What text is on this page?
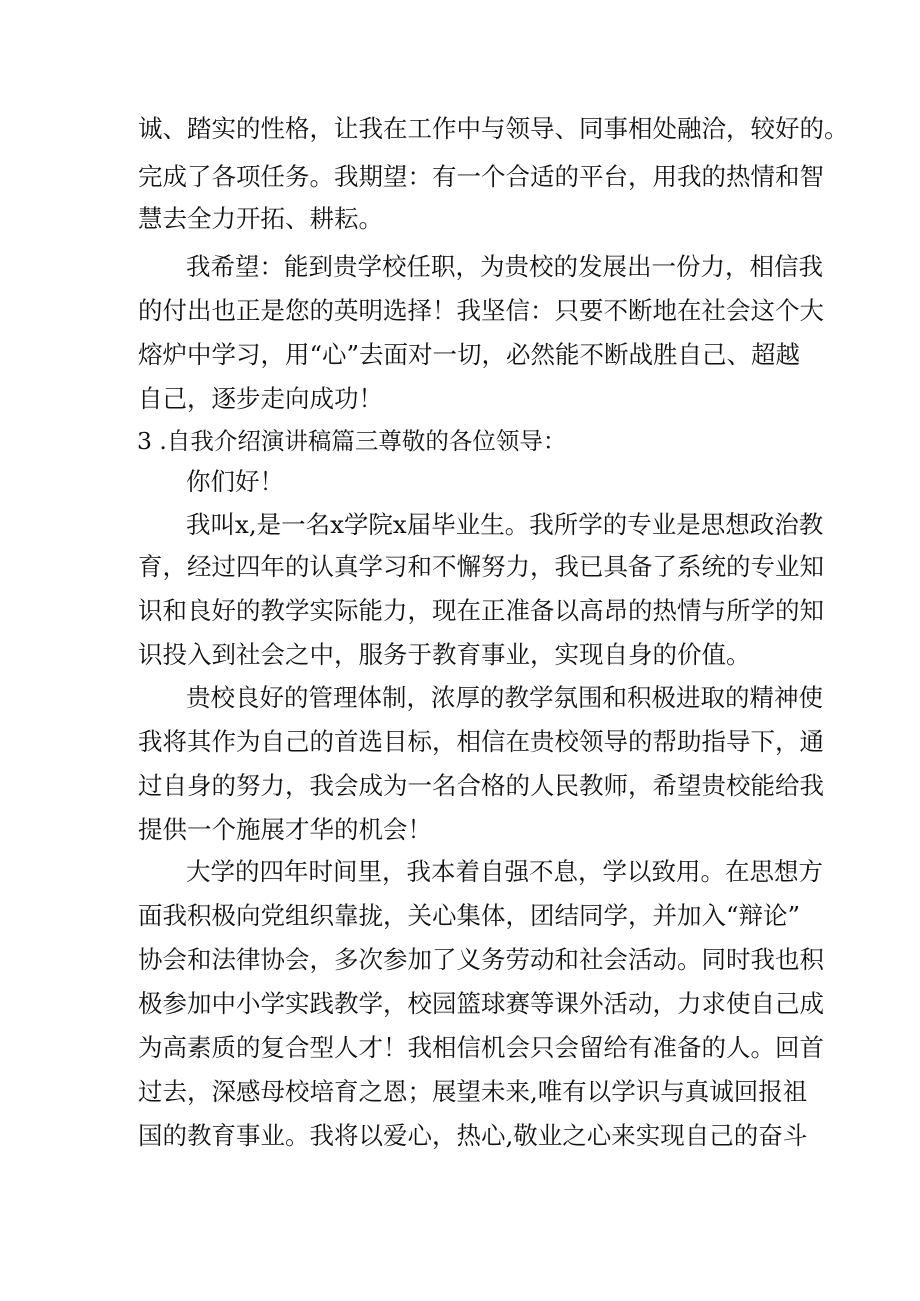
诚、踏实的性格，让我在工作中与领导、同事相处融洽，较好的。

完成了各项任务。我期望：有一个合适的平台，用我的热情和智

慧去全力开拓、耕耘。

我希望：能到贵学校任职，为贵校的发展出一份力，相信我

的付出也正是您的英明选择！我坚信：只要不断地在社会这个大

熔炉中学习，用“心”去面对一切，必然能不断战胜自己、超越

自己，逐步走向成功！

3 .自我介绍演讲稿篇三尊敬的各位领导：

你们好！

我叫x,是一名x学院x届毕业生。我所学的专业是思想政治教

育，经过四年的认真学习和不懈努力，我已具备了系统的专业知

识和良好的教学实际能力，现在正准备以高昂的热情与所学的知

识投入到社会之中，服务于教育事业，实现自身的价值。

贵校良好的管理体制，浓厚的教学氛围和积极进取的精神使

我将其作为自己的首选目标，相信在贵校领导的帮助指导下，通

过自身的努力，我会成为一名合格的人民教师，希望贵校能给我

提供一个施展才华的机会！

大学的四年时间里，我本着自强不息，学以致用。在思想方

面我积极向党组织靠拢，关心集体，团结同学，并加入“辩论”

协会和法律协会，多次参加了义务劳动和社会活动。同时我也积

极参加中小学实践教学，校园篮球赛等课外活动，力求使自己成

为高素质的复合型人才！我相信机会只会留给有准备的人。回首

过去，深感母校培育之恩；展望未来,唯有以学识与真诚回报祖

国的教育事业。我将以爱心，热心,敬业之心来实现自己的奋斗
